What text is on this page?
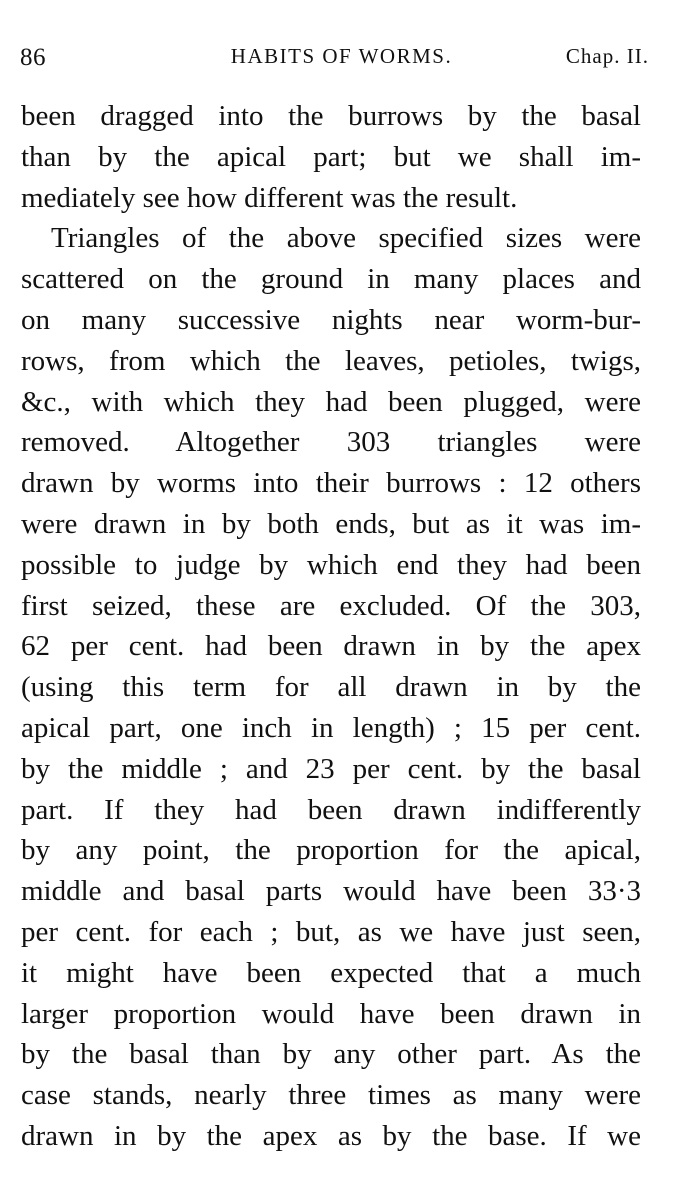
86	HABITS OF WORMS.	Chap. II.
been dragged into the burrows by the basal
than by the apical part; but we shall im-
mediately see how different was the result.
Triangles of the above specified sizes were
scattered on the ground in many places and
on many successive nights near worm-bur-
rows, from which the leaves, petioles, twigs,
&c., with which they had been plugged, were
removed. Altogether 303 triangles were
drawn by worms into their burrows : 12 others
were drawn in by both ends, but as it was im-
possible to judge by which end they had been
first seized, these are excluded. Of the 303,
62 per cent. had been drawn in by the apex
(using this term for all drawn in by the
apical part, one inch in length) ; 15 per cent.
by the middle ; and 23 per cent. by the basal
part. If they had been drawn indifferently
by any point, the proportion for the apical,
middle and basal parts would have been 33·3
per cent. for each ; but, as we have just seen,
it might have been expected that a much
larger proportion would have been drawn in
by the basal than by any other part. As the
case stands, nearly three times as many were
drawn in by the apex as by the base. If we
